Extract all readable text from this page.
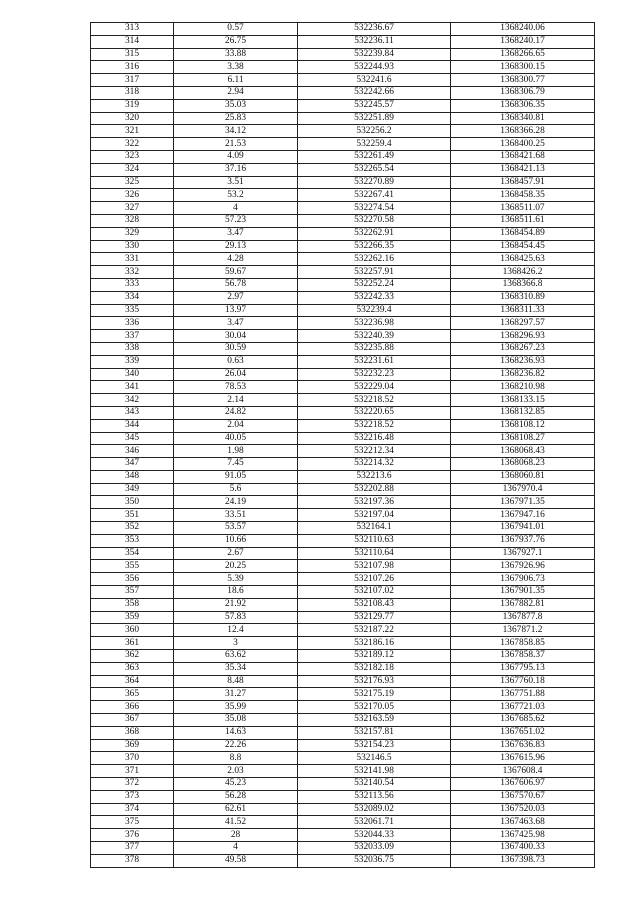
313	0.57	532236.67	1368240.06
314	26.75	532236.11	1368240.17
315	33.88	532239.84	1368266.65
316	3.38	532244.93	1368300.15
317	6.11	532241.6	1368300.77
318	2.94	532242.66	1368306.79
319	35.03	532245.57	1368306.35
320	25.83	532251.89	1368340.81
321	34.12	532256.2	1368366.28
322	21.53	532259.4	1368400.25
323	4.09	532261.49	1368421.68
324	37.16	532265.54	1368421.13
325	3.51	532270.89	1368457.91
326	53.2	532267.41	1368458.35
327	4	532274.54	1368511.07
328	57.23	532270.58	1368511.61
329	3.47	532262.91	1368454.89
330	29.13	532266.35	1368454.45
331	4.28	532262.16	1368425.63
332	59.67	532257.91	1368426.2
333	56.78	532252.24	1368366.8
334	2.97	532242.33	1368310.89
335	13.97	532239.4	1368311.33
336	3.47	532236.98	1368297.57
337	30.04	532240.39	1368296.93
338	30.59	532235.88	1368267.23
339	0.63	532231.61	1368236.93
340	26.04	532232.23	1368236.82
341	78.53	532229.04	1368210.98
342	2.14	532218.52	1368133.15
343	24.82	532220.65	1368132.85
344	2.04	532218.52	1368108.12
345	40.05	532216.48	1368108.27
346	1.98	532212.34	1368068.43
347	7.45	532214.32	1368068.23
348	91.05	532213.6	1368060.81
349	5.6	532202.88	1367970.4
350	24.19	532197.36	1367971.35
351	33.51	532197.04	1367947.16
352	53.57	532164.1	1367941.01
353	10.66	532110.63	1367937.76
354	2.67	532110.64	1367927.1
355	20.25	532107.98	1367926.96
356	5.39	532107.26	1367906.73
357	18.6	532107.02	1367901.35
358	21.92	532108.43	1367882.81
359	57.83	532129.77	1367877.8
360	12.4	532187.22	1367871.2
361	3	532186.16	1367858.85
362	63.62	532189.12	1367858.37
363	35.34	532182.18	1367795.13
364	8.48	532176.93	1367760.18
365	31.27	532175.19	1367751.88
366	35.99	532170.05	1367721.03
367	35.08	532163.59	1367685.62
368	14.63	532157.81	1367651.02
369	22.26	532154.23	1367636.83
370	8.8	532146.5	1367615.96
371	2.03	532141.98	1367608.4
372	45.23	532140.54	1367606.97
373	56.28	532113.56	1367570.67
374	62.61	532089.02	1367520.03
375	41.52	532061.71	1367463.68
376	28	532044.33	1367425.98
377	4	532033.09	1367400.33
378	49.58	532036.75	1367398.73
